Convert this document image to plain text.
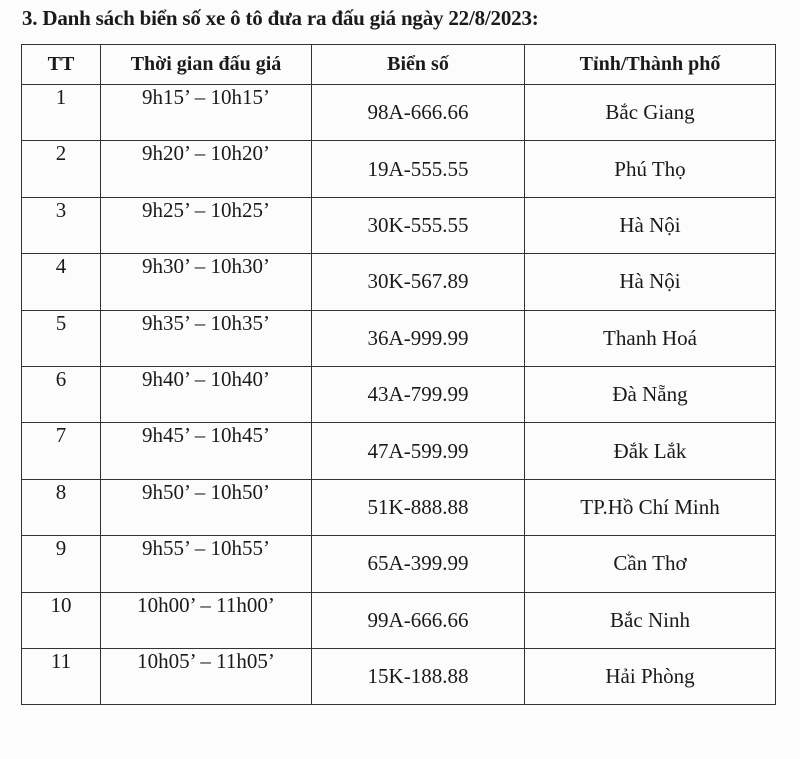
3. Danh sách biển số xe ô tô đưa ra đấu giá ngày 22/8/2023:
TT	Thời gian đấu giá	Biển số	Tỉnh/Thành phố
1	9h15’ – 10h15’	98A-666.66	Bắc Giang
2	9h20’ – 10h20’	19A-555.55	Phú Thọ
3	9h25’ – 10h25’	30K-555.55	Hà Nội
4	9h30’ – 10h30’	30K-567.89	Hà Nội
5	9h35’ – 10h35’	36A-999.99	Thanh Hoá
6	9h40’ – 10h40’	43A-799.99	Đà Nẵng
7	9h45’ – 10h45’	47A-599.99	Đắk Lắk
8	9h50’ – 10h50’	51K-888.88	TP.Hồ Chí Minh
9	9h55’ – 10h55’	65A-399.99	Cần Thơ
10	10h00’ – 11h00’	99A-666.66	Bắc Ninh
11	10h05’ – 11h05’	15K-188.88	Hải Phòng
